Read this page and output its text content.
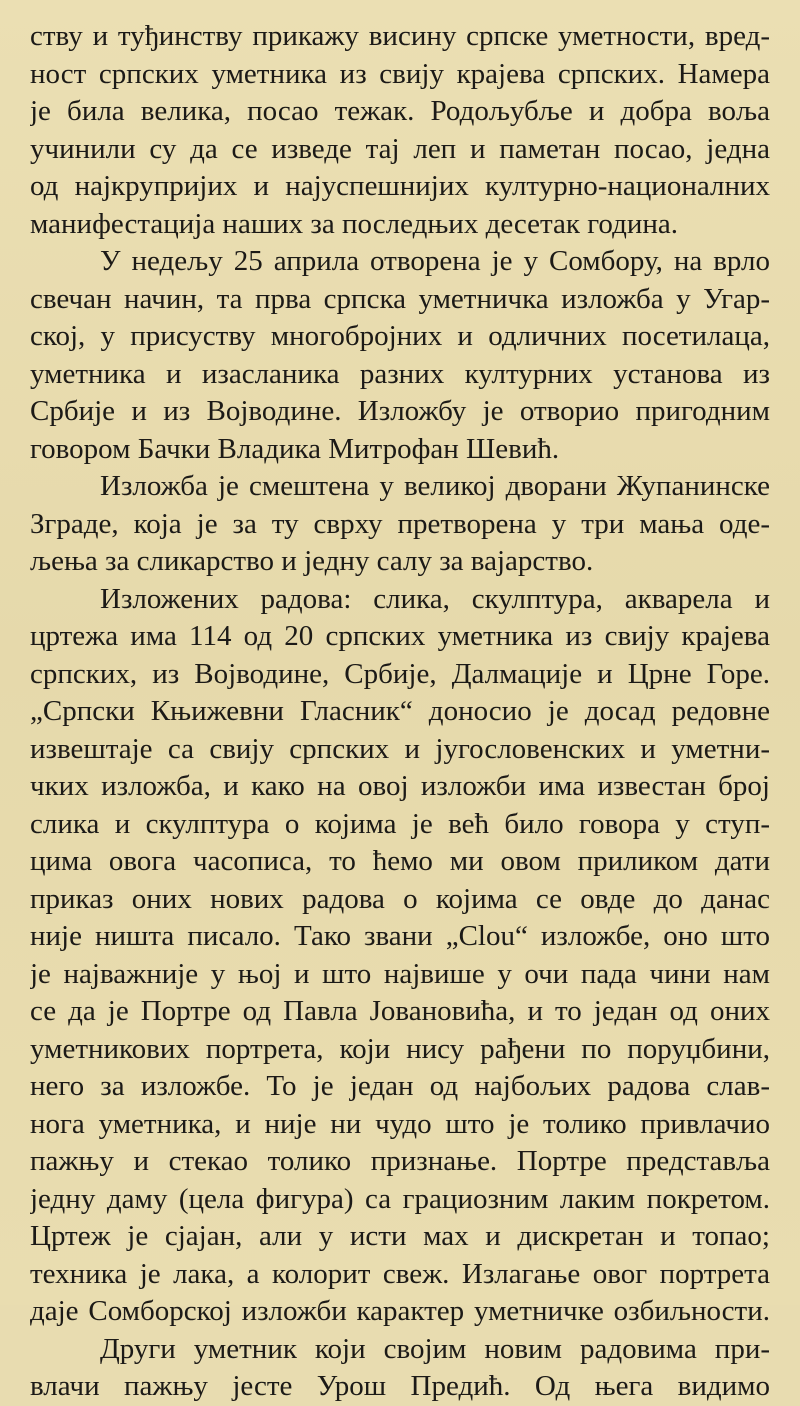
ству и туђинству прикажу висину српске уметности, вред-
ност српских уметника из свију крајева српских. Намера
је била велика, посао тежак. Родољубље и добра воља
учинили су да се изведе тај леп и паметан посао, једна
од најкрупријих и најуспешнијих културно-националних
манифестација наших за последњих десетак година.
У недељу 25 априла отворена је у Сомбору, на врло
свечан начин, та прва српска уметничка изложба у Угар-
ској, у присуству многобројних и одличних посетилаца,
уметника и изасланика разних културних установа из
Србије и из Војводине. Изложбу је отворио пригодним
говором Бачки Владика Митрофан Шевић.
Изложба је смештена у великој дворани Жупанинске
Зграде, која је за ту сврху претворена у три мања оде-
љења за сликарство и једну салу за вајарство.
Изложених радова: слика, скулптура, акварела и
цртежа има 114 од 20 српских уметника из свију крајева
српских, из Војводине, Србије, Далмације и Црне Горе.
„Српски Књижевни Гласник“ доносио је досад редовне
извештаје са свију српских и југословенских и уметни-
чких изложба, и како на овој изложби има известан број
слика и скулптура о којима је већ било говора у ступ-
цима овога часописа, то ћемо ми овом приликом дати
приказ оних нових радова о којима се овде до данас
није ништа писало. Тако звани „Clou“ изложбе, оно што
је најважније у њој и што највише у очи пада чини нам
се да је Портре од Павла Јовановића, и то један од оних
уметникових портрета, који нису рађени по поруџбини,
него за изложбе. То је један од најбољих радова слав-
нога уметника, и није ни чудо што је толико привлачио
пажњу и стекао толико признање. Портре представља
једну даму (цела фигура) са грациозним лаким покретом.
Цртеж је сјајан, али у исти мах и дискретан и топао;
техника је лака, а колорит свеж. Излагање овог портрета
даје Сомборској изложби карактер уметничке озбиљности.
Други уметник који својим новим радовима при-
влачи пажњу јесте Урош Предић. Од њега видимо
